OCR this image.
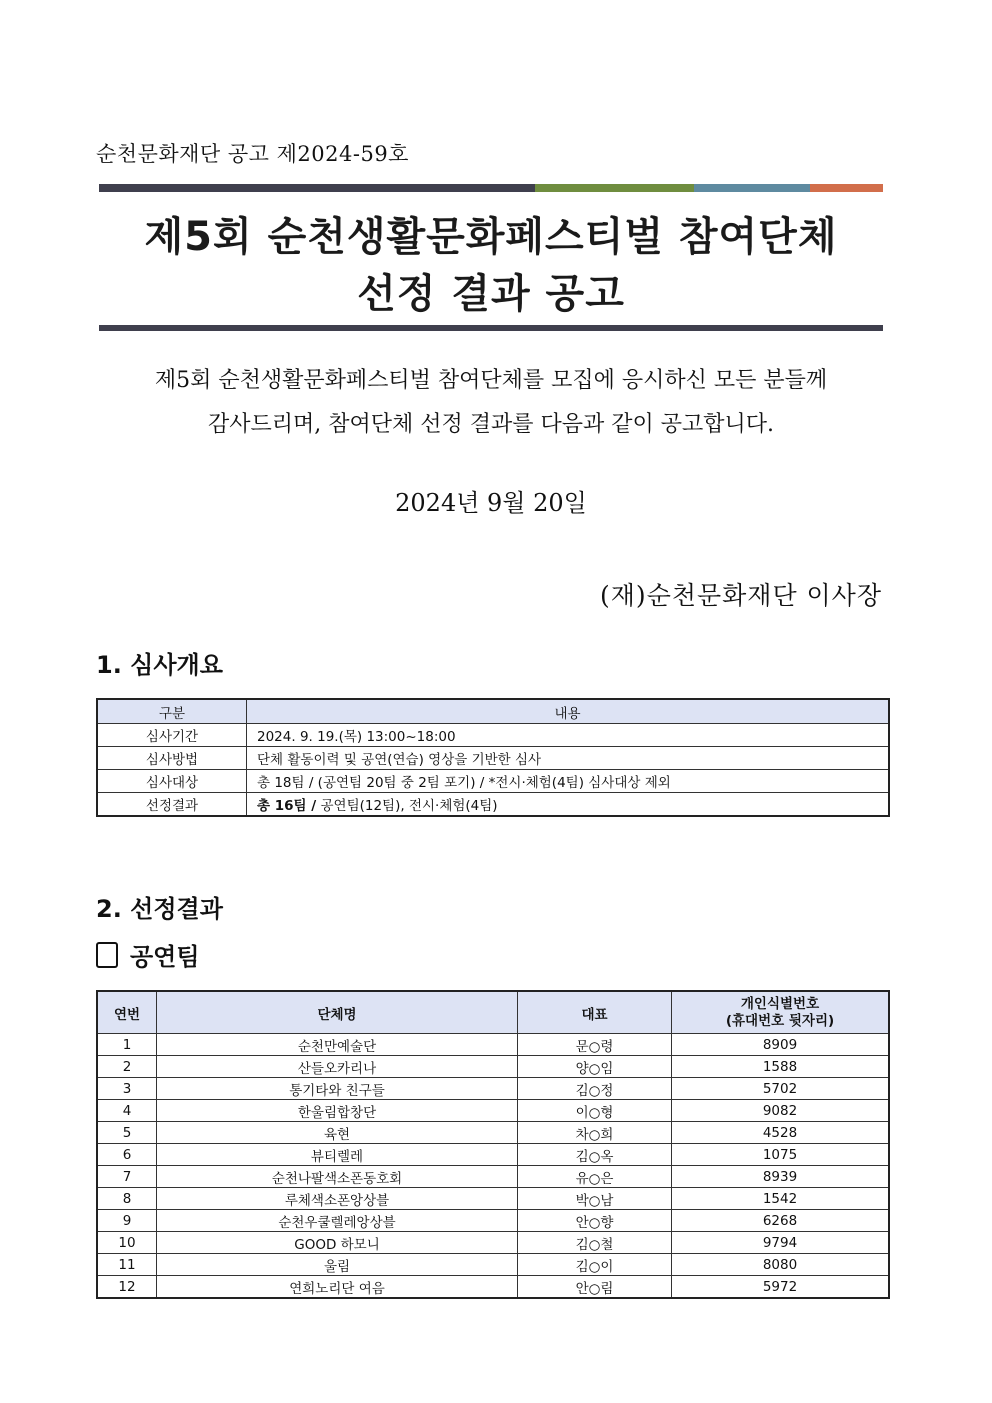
순천문화재단 공고 제2024-59호
제5회 순천생활문화페스티벌 참여단체
선정 결과 공고
제5회 순천생활문화페스티벌 참여단체를 모집에 응시하신 모든 분들께
감사드리며, 참여단체 선정 결과를 다음과 같이 공고합니다.
2024년 9월 20일
(재)순천문화재단 이사장
1. 심사개요
구분	내용
심사기간	2024. 9. 19.(목) 13:00~18:00
심사방법	단체 활동이력 및 공연(연습) 영상을 기반한 심사
심사대상	총 18팀 / (공연팀 20팀 중 2팀 포기) / *전시·체험(4팀) 심사대상 제외
선정결과	총 16팀 / 공연팀(12팀), 전시·체험(4팀)
2. 선정결과
공연팀
연번	단체명	대표	개인식별번호
(휴대번호 뒷자리)

1	순천만예술단	문○령	8909
2	산들오카리나	양○임	1588
3	통기타와 친구들	김○정	5702
4	한울림합창단	이○형	9082
5	육현	차○희	4528
6	뷰티렐레	김○옥	1075
7	순천나팔색소폰동호회	유○은	8939
8	루체색소폰앙상블	박○남	1542
9	순천우쿨렐레앙상블	안○향	6268
10	GOOD 하모니	김○철	9794
11	울림	김○이	8080
12	연희노리단 여음	안○림	5972
